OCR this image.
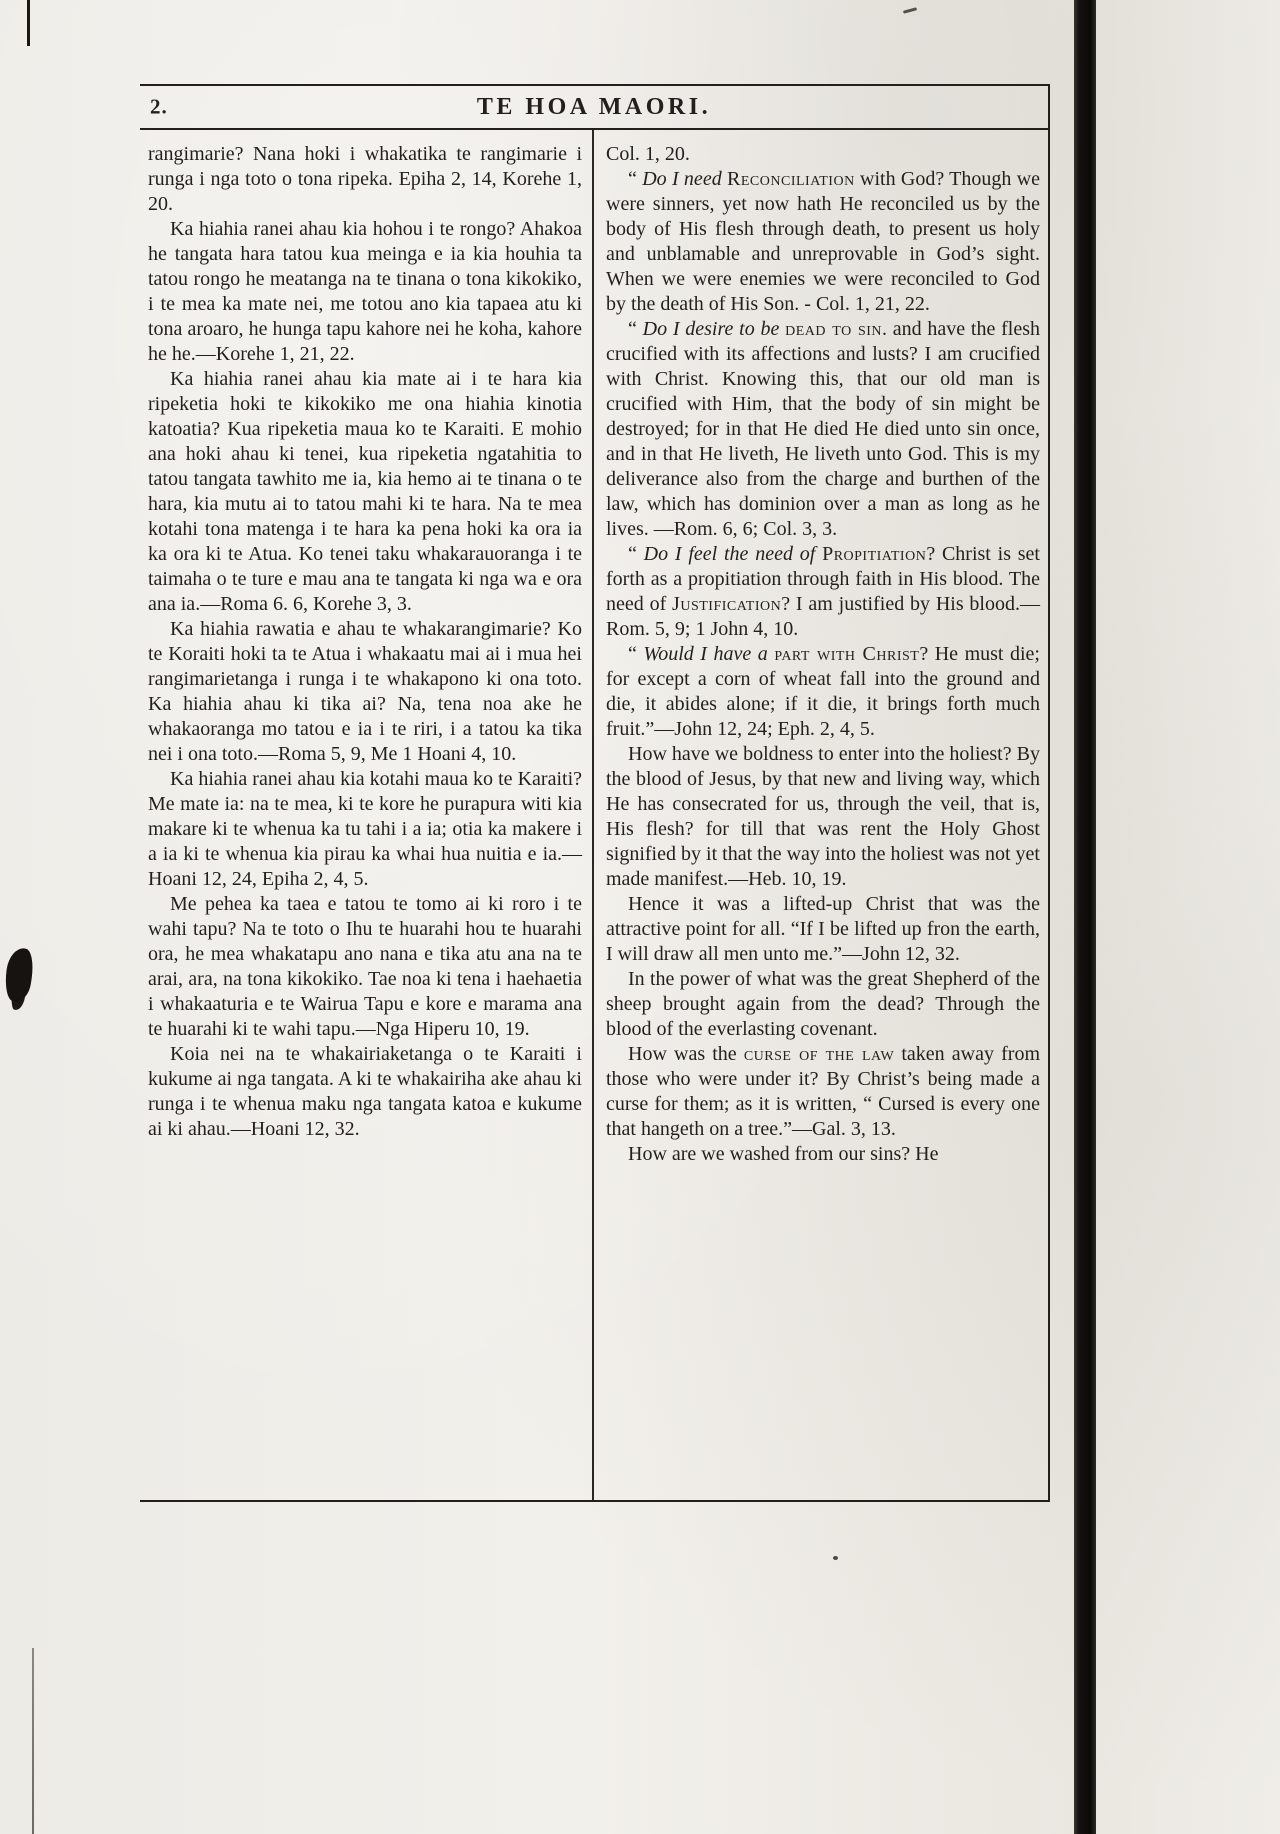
2.	TE HOA MAORI.

rangimarie? Nana hoki i whakatika te rangimarie i runga i nga toto o tona ripeka. Epiha 2, 14, Korehe 1, 20.

Ka hiahia ranei ahau kia hohou i te rongo? Ahakoa he tangata hara tatou kua meinga e ia kia houhia ta tatou rongo he meatanga na te tinana o tona kikokiko, i te mea ka mate nei, me totou ano kia tapaea atu ki tona aroaro, he hunga tapu kahore nei he koha, kahore he he.—Korehe 1, 21, 22.

Ka hiahia ranei ahau kia mate ai i te hara kia ripeketia hoki te kikokiko me ona hiahia kinotia katoatia? Kua ripeketia maua ko te Karaiti. E mohio ana hoki ahau ki tenei, kua ripeketia ngatahitia to tatou tangata tawhito me ia, kia hemo ai te tinana o te hara, kia mutu ai to tatou mahi ki te hara. Na te mea kotahi tona matenga i te hara ka pena hoki ka ora ia ka ora ki te Atua. Ko tenei taku whakarauoranga i te taimaha o te ture e mau ana te tangata ki nga wa e ora ana ia.—Roma 6. 6, Korehe 3, 3.

Ka hiahia rawatia e ahau te whakarangimarie? Ko te Koraiti hoki ta te Atua i whakaatu mai ai i mua hei rangimarietanga i runga i te whakapono ki ona toto. Ka hiahia ahau ki tika ai? Na, tena noa ake he whakaoranga mo tatou e ia i te riri, i a tatou ka tika nei i ona toto.—Roma 5, 9, Me 1 Hoani 4, 10.

Ka hiahia ranei ahau kia kotahi maua ko te Karaiti? Me mate ia: na te mea, ki te kore he purapura witi kia makare ki te whenua ka tu tahi i a ia; otia ka makere i a ia ki te whenua kia pirau ka whai hua nuitia e ia.—Hoani 12, 24, Epiha 2, 4, 5.

Me pehea ka taea e tatou te tomo ai ki roro i te wahi tapu? Na te toto o Ihu te huarahi hou te huarahi ora, he mea whakatapu ano nana e tika atu ana na te arai, ara, na tona kikokiko. Tae noa ki tena i haehaetia i whakaaturia e te Wairua Tapu e kore e marama ana te huarahi ki te wahi tapu.—Nga Hiperu 10, 19.

Koia nei na te whakairiaketanga o te Karaiti i kukume ai nga tangata. A ki te whakairiha ake ahau ki runga i te whenua maku nga tangata katoa e kukume ai ki ahau.—Hoani 12, 32.

Col. 1, 20.

“ Do I need Reconciliation with God? Though we were sinners, yet now hath He reconciled us by the body of His flesh through death, to present us holy and unblamable and unreprovable in God’s sight. When we were enemies we were reconciled to God by the death of His Son. - Col. 1, 21, 22.

“ Do I desire to be dead to sin. and have the flesh crucified with its affections and lusts? I am crucified with Christ. Knowing this, that our old man is crucified with Him, that the body of sin might be destroyed; for in that He died He died unto sin once, and in that He liveth, He liveth unto God. This is my deliverance also from the charge and burthen of the law, which has dominion over a man as long as he lives. —Rom. 6, 6; Col. 3, 3.

“ Do I feel the need of Propitiation? Christ is set forth as a propitiation through faith in His blood. The need of Justification? I am justified by His blood.—Rom. 5, 9; 1 John 4, 10.

“ Would I have a part with Christ? He must die; for except a corn of wheat fall into the ground and die, it abides alone; if it die, it brings forth much fruit.”—John 12, 24; Eph. 2, 4, 5.

How have we boldness to enter into the holiest? By the blood of Jesus, by that new and living way, which He has consecrated for us, through the veil, that is, His flesh? for till that was rent the Holy Ghost signified by it that the way into the holiest was not yet made manifest.—Heb. 10, 19.

Hence it was a lifted-up Christ that was the attractive point for all. “If I be lifted up fron the earth, I will draw all men unto me.”—John 12, 32.

In the power of what was the great Shepherd of the sheep brought again from the dead? Through the blood of the everlasting covenant.

How was the curse of the law taken away from those who were under it? By Christ’s being made a curse for them; as it is written, “ Cursed is every one that hangeth on a tree.”—Gal. 3, 13.

How are we washed from our sins? He
